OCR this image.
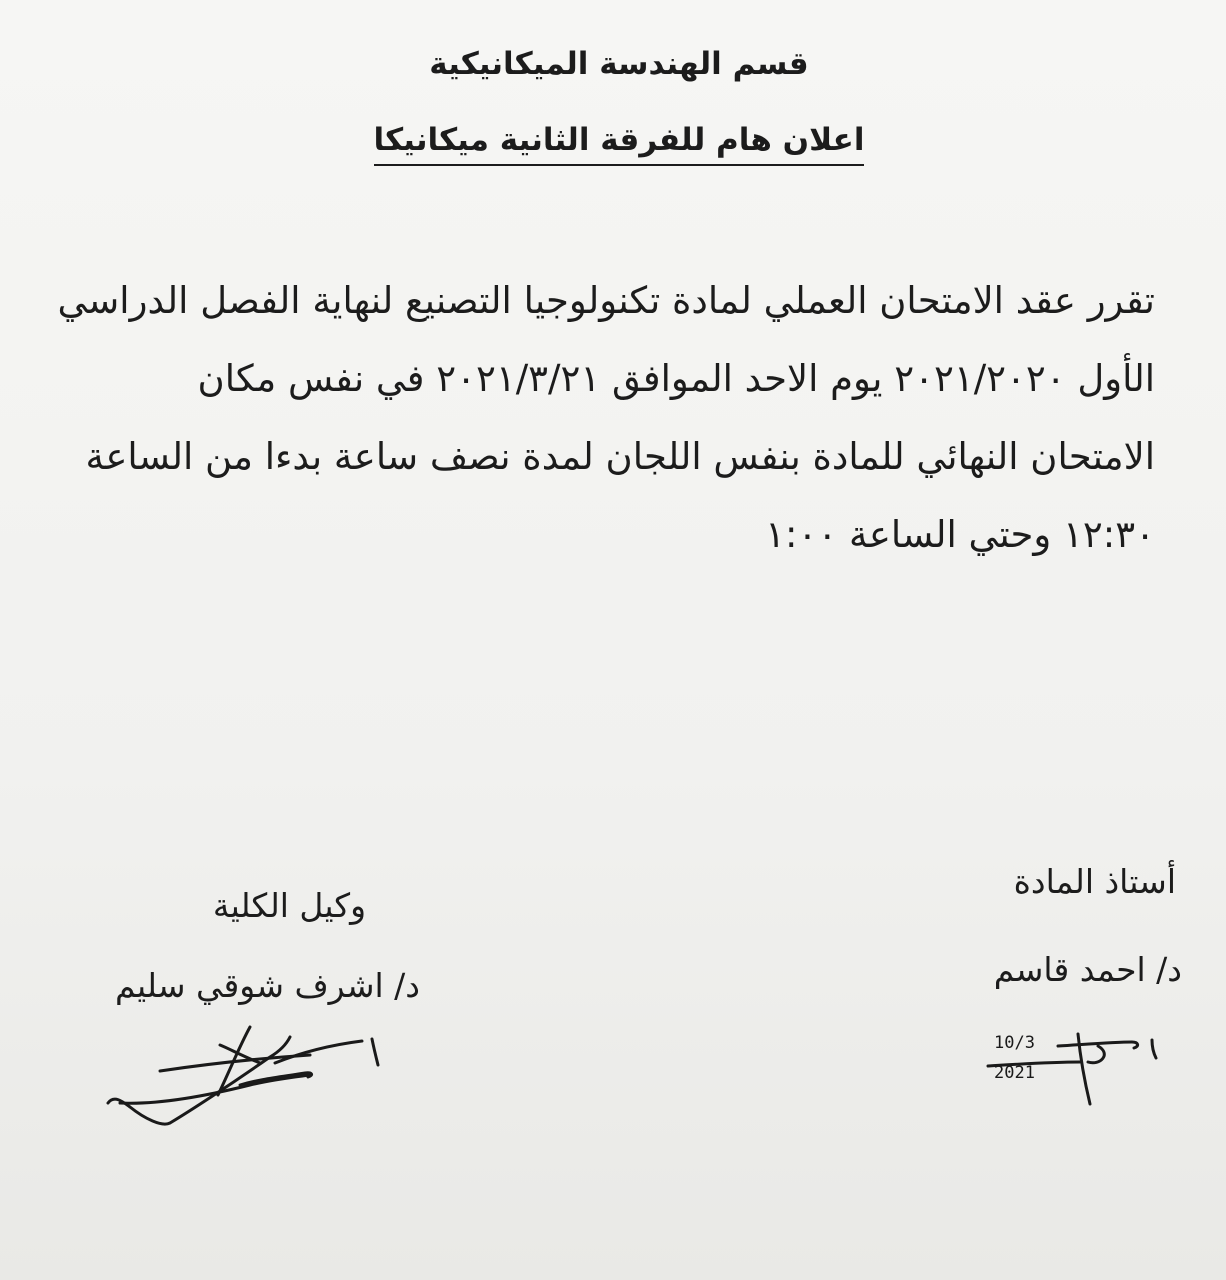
قسم الهندسة الميكانيكية
اعلان هام للفرقة الثانية ميكانيكا
تقرر عقد الامتحان العملي لمادة تكنولوجيا التصنيع لنهاية الفصل الدراسي
الأول ٢٠٢١/٢٠٢٠ يوم الاحد الموافق ٢٠٢١/٣/٢١ في نفس مكان
الامتحان النهائي للمادة بنفس اللجان لمدة نصف ساعة بدءا من الساعة
١٢:٣٠ وحتي الساعة ١:٠٠
أستاذ المادة
د/ احمد قاسم
وكيل الكلية
د/ اشرف شوقي سليم
10/3 2021
